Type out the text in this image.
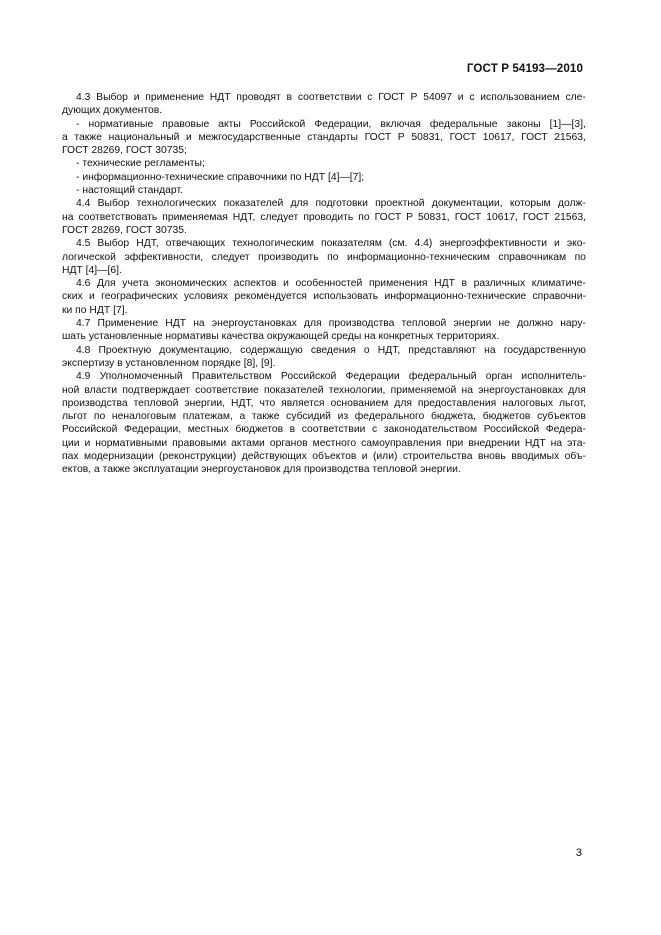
ГОСТ Р 54193—2010
4.3 Выбор и применение НДТ проводят в соответствии с ГОСТ Р 54097 и с использованием сле-
дующих документов.
- нормативные правовые акты Российской Федерации, включая федеральные законы [1]—[3],
а также национальный и межгосударственные стандарты ГОСТ Р 50831, ГОСТ 10617, ГОСТ 21563,
ГОСТ 28269, ГОСТ 30735;
- технические регламенты;
- информационно-технические справочники по НДТ [4]—[7];
- настоящий стандарт.
4.4 Выбор технологических показателей для подготовки проектной документации, которым долж-
на соответствовать применяемая НДТ, следует проводить по ГОСТ Р 50831, ГОСТ 10617, ГОСТ 21563,
ГОСТ 28269, ГОСТ 30735.
4.5 Выбор НДТ, отвечающих технологическим показателям (см. 4.4) энергоэффективности и эко-
логической эффективности, следует производить по информационно-техническим справочникам по
НДТ [4]—[6].
4.6 Для учета экономических аспектов и особенностей применения НДТ в различных климатиче-
ских и географических условиях рекомендуется использовать информационно-технические справочни-
ки по НДТ [7].
4.7 Применение НДТ на энергоустановках для производства тепловой энергии не должно нару-
шать установленные нормативы качества окружающей среды на конкретных территориях.
4.8 Проектную документацию, содержащую сведения о НДТ, представляют на государственную
экспертизу в установленном порядке [8], [9].
4.9 Уполномоченный Правительством Российской Федерации федеральный орган исполнитель-
ной власти подтверждает соответствие показателей технологии, применяемой на энергоустановках для
производства тепловой энергии, НДТ, что является основанием для предоставления налоговых льгот,
льгот по неналоговым платежам, а также субсидий из федерального бюджета, бюджетов субъектов
Российской Федерации, местных бюджетов в соответствии с законодательством Российской Федера-
ции и нормативными правовыми актами органов местного самоуправления при внедрении НДТ на эта-
пах модернизации (реконструкции) действующих объектов и (или) строительства вновь вводимых объ-
ектов, а также эксплуатации энергоустановок для производства тепловой энергии.
3
